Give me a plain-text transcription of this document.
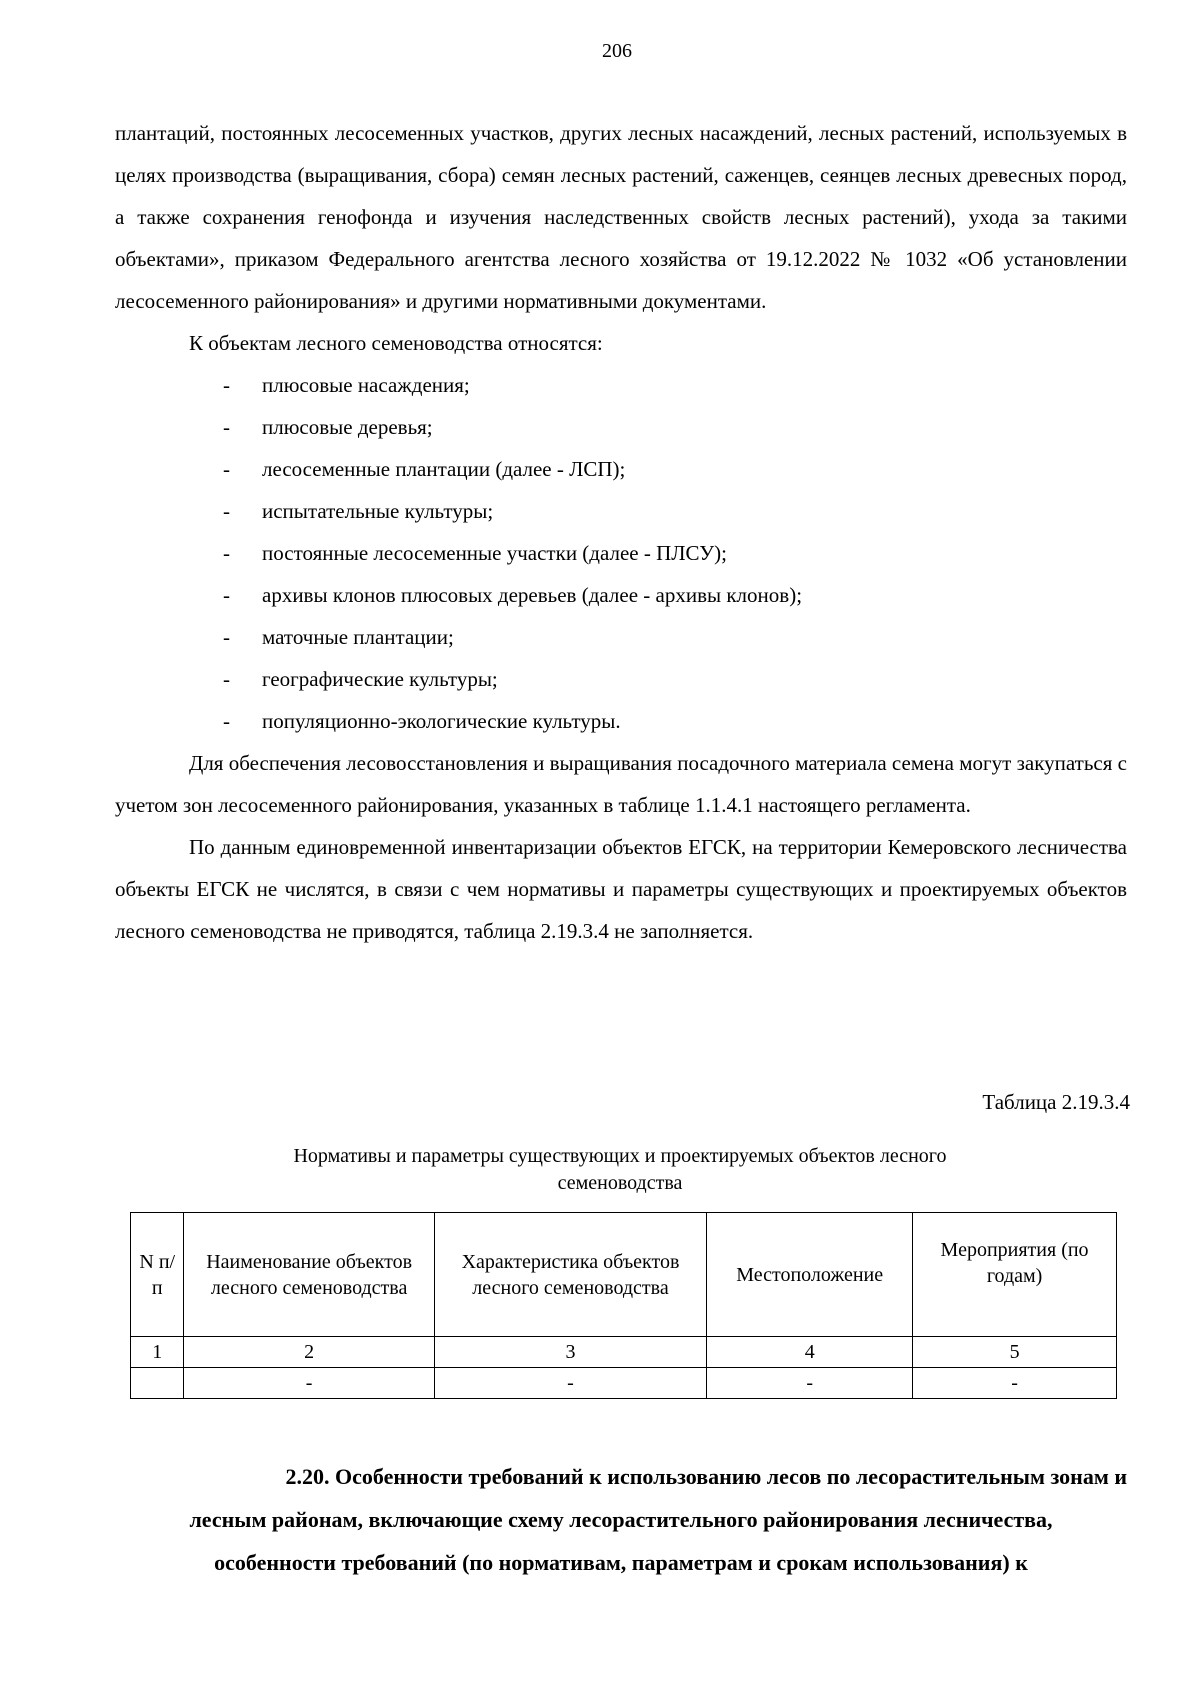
206

плантаций, постоянных лесосеменных участков, других лесных насаждений, лесных растений, используемых в целях производства (выращивания, сбора) семян лесных растений, саженцев, сеянцев лесных древесных пород, а также сохранения генофонда и изучения наследственных свойств лесных растений), ухода за такими объектами», приказом Федерального агентства лесного хозяйства от 19.12.2022 № 1032 «Об установлении лесосеменного районирования» и другими нормативными документами.

К объектам лесного семеноводства относятся:

- плюсовые насаждения;
- плюсовые деревья;
- лесосеменные плантации (далее - ЛСП);
- испытательные культуры;
- постоянные лесосеменные участки (далее - ПЛСУ);
- архивы клонов плюсовых деревьев (далее - архивы клонов);
- маточные плантации;
- географические культуры;
- популяционно-экологические культуры.

Для обеспечения лесовосстановления и выращивания посадочного материала семена могут закупаться с учетом зон лесосеменного районирования, указанных в таблице 1.1.4.1 настоящего регламента.

По данным единовременной инвентаризации объектов ЕГСК, на территории Кемеровского лесничества объекты ЕГСК не числятся, в связи с чем нормативы и параметры существующих и проектируемых объектов лесного семеноводства не приводятся, таблица 2.19.3.4 не заполняется.

Таблица 2.19.3.4
Нормативы и параметры существующих и проектируемых объектов лесного семеноводства
N п/п	Наименование объектов лесного семеноводства	Характеристика объектов лесного семеноводства	Местоположение	Мероприятия (по годам)
1	2	3	4	5
	-	-	-	-
2.20. Особенности требований к использованию лесов по лесорастительным зонам и
лесным районам, включающие схему лесорастительного районирования лесничества,
особенности требований (по нормативам, параметрам и срокам использования) к
